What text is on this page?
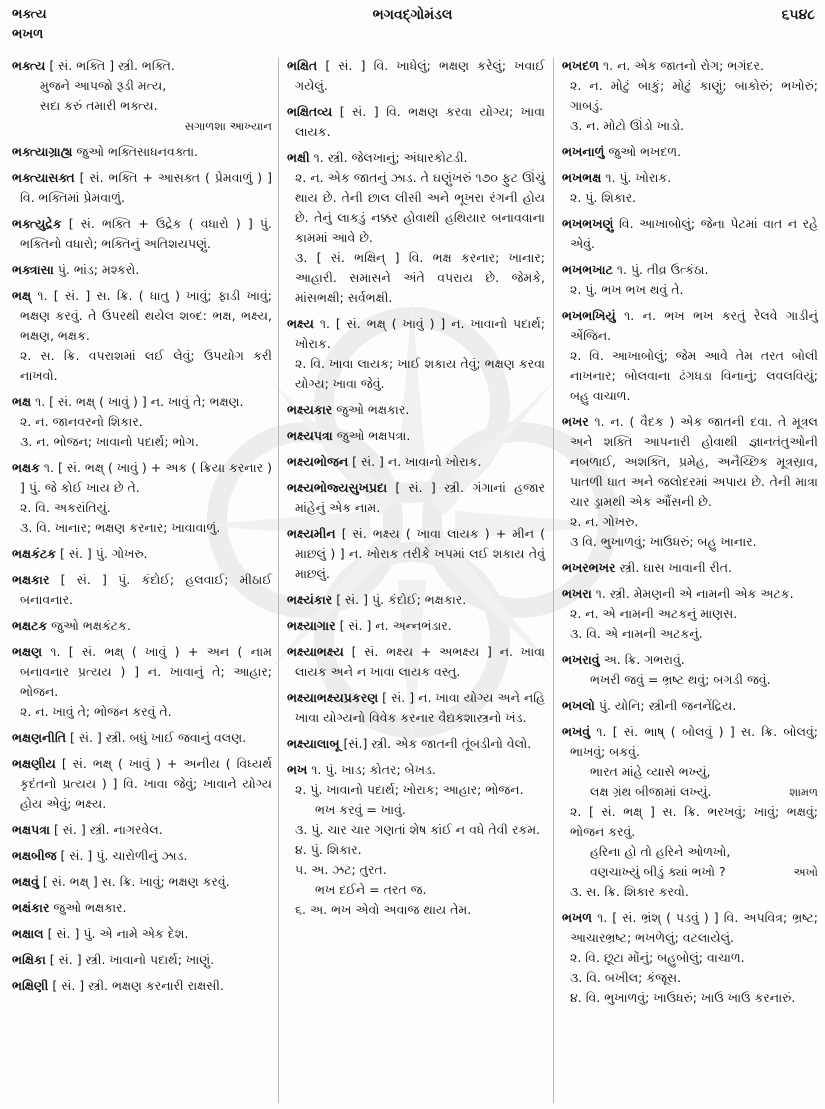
ભક્ત્ય
ભખળ
ભગવદ્ગોમંડલ	૬૫૪૮

ભક્ત્ય [ સં. ભક્તિ ] સ્ત્રી. ભક્તિ.

મુજને આપજો રૂડી મત્ય,
સદા કરું તમારી ભક્ત્ય.
સગાળશા આખ્યાન

ભક્ત્યાગ્રાહ્ય જુઓ ભક્તિસાધનવક્તા.

ભક્ત્યાસક્ત [ સં. ભક્તિ + આસક્ત ( પ્રેમવાળું ) ] વિ. ભક્તિમાં પ્રેમવાળું.

ભક્ત્યુદ્રેક [ સં. ભક્તિ + ઉદ્રેક ( વધારો ) ] પું. ભક્તિનો વધારો; ભક્તિનું અતિશયપણું.

ભક્ત્રાસા પું. ભાંડ; મશ્કરો.

ભક્ષ્ ૧. [ સં. ] સ. ક્રિ. ( ધાતુ ) ખાવું; ફાડી ખાવું; ભક્ષણ કરવું. તે ઉપરથી થયેલ શબ્દ: ભક્ષ, ભક્ષ્ય, ભક્ષણ, ભક્ષક.

૨. સ. ક્રિ. વપરાશમાં લઈ લેવું; ઉપયોગ કરી નાખવો.

ભક્ષ ૧. [ સં. ભક્ષ્ ( ખાવું ) ] ન. ખાવું તે; ભક્ષણ.

૨. ન. જાનવરનો શિકાર.

૩. ન. ભોજન; ખાવાનો પદાર્થ; ભોગ.

ભક્ષક ૧. [ સં. ભક્ષ્ ( ખાવું ) + અક ( ક્રિયા કરનાર ) ] પું. જે કોઈ ખાય છે તે.

૨. વિ. અકરાંતિયું.

૩. વિ. ખાનાર; ભક્ષણ કરનાર; ખાવાવાળું.

ભક્ષકંટક [ સં. ] પું. ગોખરુ.

ભક્ષકાર [ સં. ] પું. કંદોઈ; હલવાઈ; મીઠાઈ બનાવનાર.

ભક્ષટક જુઓ ભક્ષકંટક.

ભક્ષણ ૧. [ સં. ભક્ષ્ ( ખાવું ) + અન ( નામ બનાવનાર પ્રત્યય ) ] ન. ખાવાનું તે; આહાર; ભોજન.

૨. ન. ખાવું તે; ભોજન કરવું તે.

ભક્ષણનીતિ [ સં. ] સ્ત્રી. બધું ખાઈ જવાનું વલણ.

ભક્ષણીય [ સં. ભક્ષ્ ( ખાવું ) + અનીય ( વિધ્યર્થ કૃદંતનો પ્રત્યય ) ] વિ. ખાવા જેવું; ખાવાને યોગ્ય હોય એવું; ભક્ષ્ય.

ભક્ષપત્રા [ સં. ] સ્ત્રી. નાગરવેલ.

ભક્ષબીજ [ સં. ] પું. ચારોળીનું ઝાડ.

ભક્ષવું [ સં. ભક્ષ્ ] સ. ક્રિ. ખાવું; ભક્ષણ કરવું.

ભક્ષંકાર જુઓ ભક્ષકાર.

ભક્ષાલ [ સં. ] પું. એ નામે એક દેશ.

ભક્ષિકા [ સં. ] સ્ત્રી. ખાવાનો પદાર્થ; ખાણું.

ભક્ષિણી [ સં. ] સ્ત્રી. ભક્ષણ કરનારી રાક્ષસી.

ભક્ષિત [ સં. ] વિ. ખાધેલું; ભક્ષણ કરેલું; ખવાઈ ગયેલું.

ભક્ષિતવ્ય [ સં. ] વિ. ભક્ષણ કરવા યોગ્ય; ખાવા લાયક.

ભક્ષી ૧. સ્ત્રી. જેલખાનું; અંધારકોટડી.

૨. ન. એક જાતનું ઝાડ. તે ઘણુંખરું ૧૭૦ ફુટ ઊંચું થાય છે. તેની છાલ લીસી અને ભૂખરા રંગની હોય છે. તેનું લાકડું નક્કર હોવાથી હથિયાર બનાવવાના કામમાં આવે છે.

૩. [ સં. ભક્ષિન્ ] વિ. ભક્ષ કરનાર; ખાનાર; આહારી. સમાસને અંતે વપરાય છે. જેમકે, માંસભક્ષી; સર્વભક્ષી.

ભક્ષ્ય ૧. [ સં. ભક્ષ્ ( ખાવું ) ] ન. ખાવાનો પદાર્થ; ખોરાક.

૨. વિ. ખાવા લાયક; ખાઈ શકાય તેવું; ભક્ષણ કરવા યોગ્ય; ખાવા જેવું.

ભક્ષ્યકાર જુઓ ભક્ષકાર.

ભક્ષ્યપત્રા જુઓ ભક્ષપત્રા.

ભક્ષ્યભોજન [ સં. ] ન. ખાવાનો ખોરાક.

ભક્ષ્યભોજ્યસુખપ્રદા [ સં. ] સ્ત્રી. ગંગાનાં હજાર માંહેનું એક નામ.

ભક્ષ્યમીન [ સં. ભક્ષ્ય ( ખાવા લાયક ) + મીન ( માછલું ) ] ન. ખોરાક તરીકે ખપમાં લઈ શકાય તેવું માછલું.

ભક્ષ્યંકાર [ સં. ] પું. કંદોઈ; ભક્ષકાર.

ભક્ષ્યાગાર [ સં. ] ન. અન્નભંડાર.

ભક્ષ્યાભક્ષ્ય [ સં. ભક્ષ્ય + અભક્ષ્ય ] ન. ખાવા લાયક અને ન ખાવા લાયક વસ્તુ.

ભક્ષ્યાભક્ષ્યપ્રકરણ [ સં. ] ન. ખાવા યોગ્ય અને નહિ ખાવા યોગ્યનો વિવેક કરનાર વૈદ્યકશાસ્ત્રનો ખંડ.

ભક્ષ્યાલાબૂ [સં.] સ્ત્રી. એક જાતની તૂંબડીનો વેલો.

ભખ ૧. પું. ખાડ; કોતર; બેખડ.

૨. પું. ખાવાનો પદાર્થ; ખોરાક; આહાર; ભોજન.

ભખ કરવું = ખાવું.

૩. પું. ચાર ચાર ગણતાં શેષ કાંઈ ન વધે તેવી રકમ.

૪. પું. શિકાર.

૫. અ. ઝટ; તુરત.

ભખ દઈને = તરત જ.

૬. અ. ભખ એવો અવાજ થાય તેમ.

ભખદળ ૧. ન. એક જાતનો રોગ; ભગંદર.

૨. ન. મોટું બાકું; મોટું કાણું; બાકોરું; ભખોરું; ગાબડું.

૩. ન. મોટો ઊંડો ખાડો.

ભખનાળું જુઓ ભખદળ.

ભખભક્ષ ૧. પું. ખોરાક.

૨. પું. શિકાર.

ભખભખણું વિ. આખાબોલું; જેના પેટમાં વાત ન રહે એવું.

ભખભખાટ ૧. પું. તીવ્ર ઉત્કંઠા.

૨. પું. ભખ ભખ થવું તે.

ભખભખિયું ૧. ન. ભખ ભખ કરતું રેલવે ગાડીનું એંજિન.

૨. વિ. આખાબોલું; જેમ આવે તેમ તરત બોલી નાખનાર; બોલવાના ઢંગધડા વિનાનું; લવલવિયું; બહુ વાચાળ.

ભખર ૧. ન. ( વૈદક ) એક જાતની દવા. તે મૂત્રલ અને શક્તિ આપનારી હોવાથી જ્ઞાનતંતુઓની નબળાઈ, અશક્તિ, પ્રમેહ, અનૈચ્છિક મૂત્રસ્રાવ, પાતળી ધાત અને જલોદરમાં અપાય છે. તેની માત્રા ચાર ડ્રામથી એક ઔંસની છે.

૨. ન. ગોખરુ.

૩ વિ. ભુખાળવું; ખાઉધરું; બહુ ખાનાર.

ભખરભખર સ્ત્રી. ઘાસ ખાવાની રીત.

ભખરા ૧. સ્ત્રી. મેમણની એ નામની એક અટક.

૨. ન. એ નામની અટકનું માણસ.

૩. વિ. એ નામની અટકનું.

ભખરાવું અ. ક્રિ. ગભરાવું.

ભખરી જવું = ભ્રષ્ટ થવું; બગડી જવું.

ભખલો પું. યોનિ; સ્ત્રીની જનનેંદ્રિય.

ભખવું ૧. [ સં. ભાષ્ ( બોલવું ) ] સ. ક્રિ. બોલવું; ભાખવું; બકવું.

ભારત માંહે વ્યાસે ભખ્યું,
લક્ષ ગ્રંથ બીજામાં લખ્યું.	શામળ

૨. [ સં. ભક્ષ્ ] સ. ક્રિ. ભરખવું; ખાવું; ભક્ષવું; ભોજન કરવું.

હરિના હો તો હરિને ઓળખો,
વણચાખ્યું બીડું ક્યાં ભખો ?	અખો

૩. સ. ક્રિ. શિકાર કરવો.

ભખળ ૧. [ સં. ભ્રંશ્ ( પડવું ) ] વિ. અપવિત્ર; ભ્રષ્ટ; આચારભ્રષ્ટ; ભખળેલું; વટલાયેલું.

૨. વિ. છૂટા મોંનું; બહુબોલું; વાચાળ.

૩. વિ. બખીલ; કંજૂસ.

૪. વિ. ભુખાળવું; ખાઉધરું; ખાઉ ખાઉ કરનારું.
